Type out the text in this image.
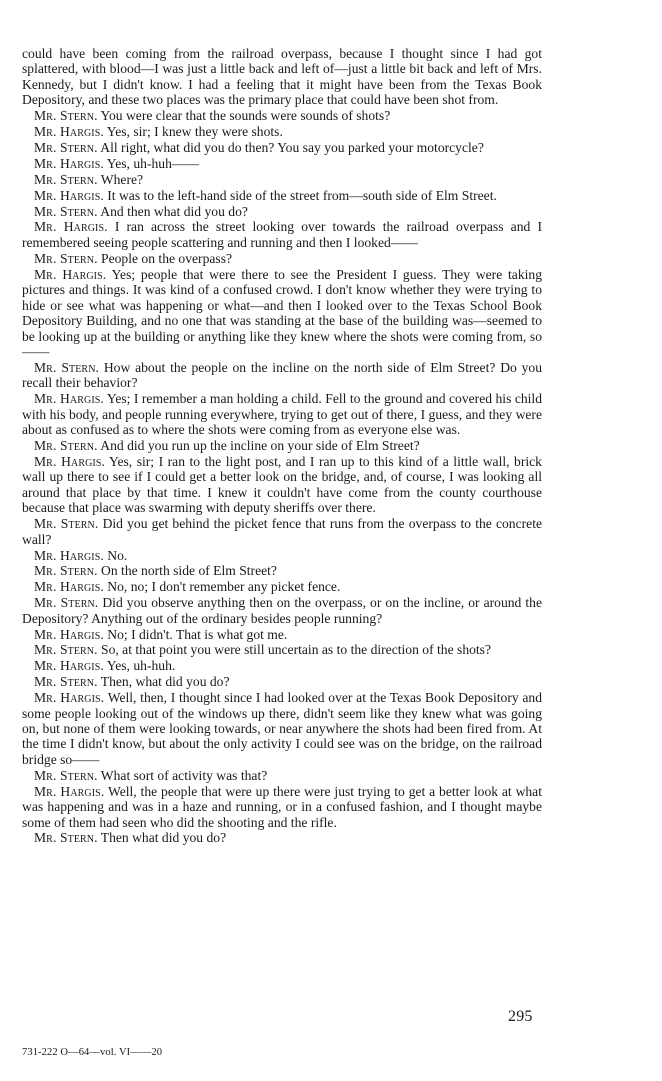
could have been coming from the railroad overpass, because I thought since I had got splattered, with blood—I was just a little back and left of—just a little bit back and left of Mrs. Kennedy, but I didn't know. I had a feeling that it might have been from the Texas Book Depository, and these two places was the primary place that could have been shot from.

Mr. Stern. You were clear that the sounds were sounds of shots?

Mr. Hargis. Yes, sir; I knew they were shots.

Mr. Stern. All right, what did you do then? You say you parked your motorcycle?

Mr. Hargis. Yes, uh-huh——

Mr. Stern. Where?

Mr. Hargis. It was to the left-hand side of the street from—south side of Elm Street.

Mr. Stern. And then what did you do?

Mr. Hargis. I ran across the street looking over towards the railroad overpass and I remembered seeing people scattering and running and then I looked——

Mr. Stern. People on the overpass?

Mr. Hargis. Yes; people that were there to see the President I guess. They were taking pictures and things. It was kind of a confused crowd. I don't know whether they were trying to hide or see what was happening or what—and then I looked over to the Texas School Book Depository Building, and no one that was standing at the base of the building was—seemed to be looking up at the building or anything like they knew where the shots were coming from, so——

Mr. Stern. How about the people on the incline on the north side of Elm Street? Do you recall their behavior?

Mr. Hargis. Yes; I remember a man holding a child. Fell to the ground and covered his child with his body, and people running everywhere, trying to get out of there, I guess, and they were about as confused as to where the shots were coming from as everyone else was.

Mr. Stern. And did you run up the incline on your side of Elm Street?

Mr. Hargis. Yes, sir; I ran to the light post, and I ran up to this kind of a little wall, brick wall up there to see if I could get a better look on the bridge, and, of course, I was looking all around that place by that time. I knew it couldn't have come from the county courthouse because that place was swarming with deputy sheriffs over there.

Mr. Stern. Did you get behind the picket fence that runs from the overpass to the concrete wall?

Mr. Hargis. No.

Mr. Stern. On the north side of Elm Street?

Mr. Hargis. No, no; I don't remember any picket fence.

Mr. Stern. Did you observe anything then on the overpass, or on the incline, or around the Depository? Anything out of the ordinary besides people running?

Mr. Hargis. No; I didn't. That is what got me.

Mr. Stern. So, at that point you were still uncertain as to the direction of the shots?

Mr. Hargis. Yes, uh-huh.

Mr. Stern. Then, what did you do?

Mr. Hargis. Well, then, I thought since I had looked over at the Texas Book Depository and some people looking out of the windows up there, didn't seem like they knew what was going on, but none of them were looking towards, or near anywhere the shots had been fired from. At the time I didn't know, but about the only activity I could see was on the bridge, on the railroad bridge so——

Mr. Stern. What sort of activity was that?

Mr. Hargis. Well, the people that were up there were just trying to get a better look at what was happening and was in a haze and running, or in a confused fashion, and I thought maybe some of them had seen who did the shooting and the rifle.

Mr. Stern. Then what did you do?

295
731-222 O—64—vol. VI——20
